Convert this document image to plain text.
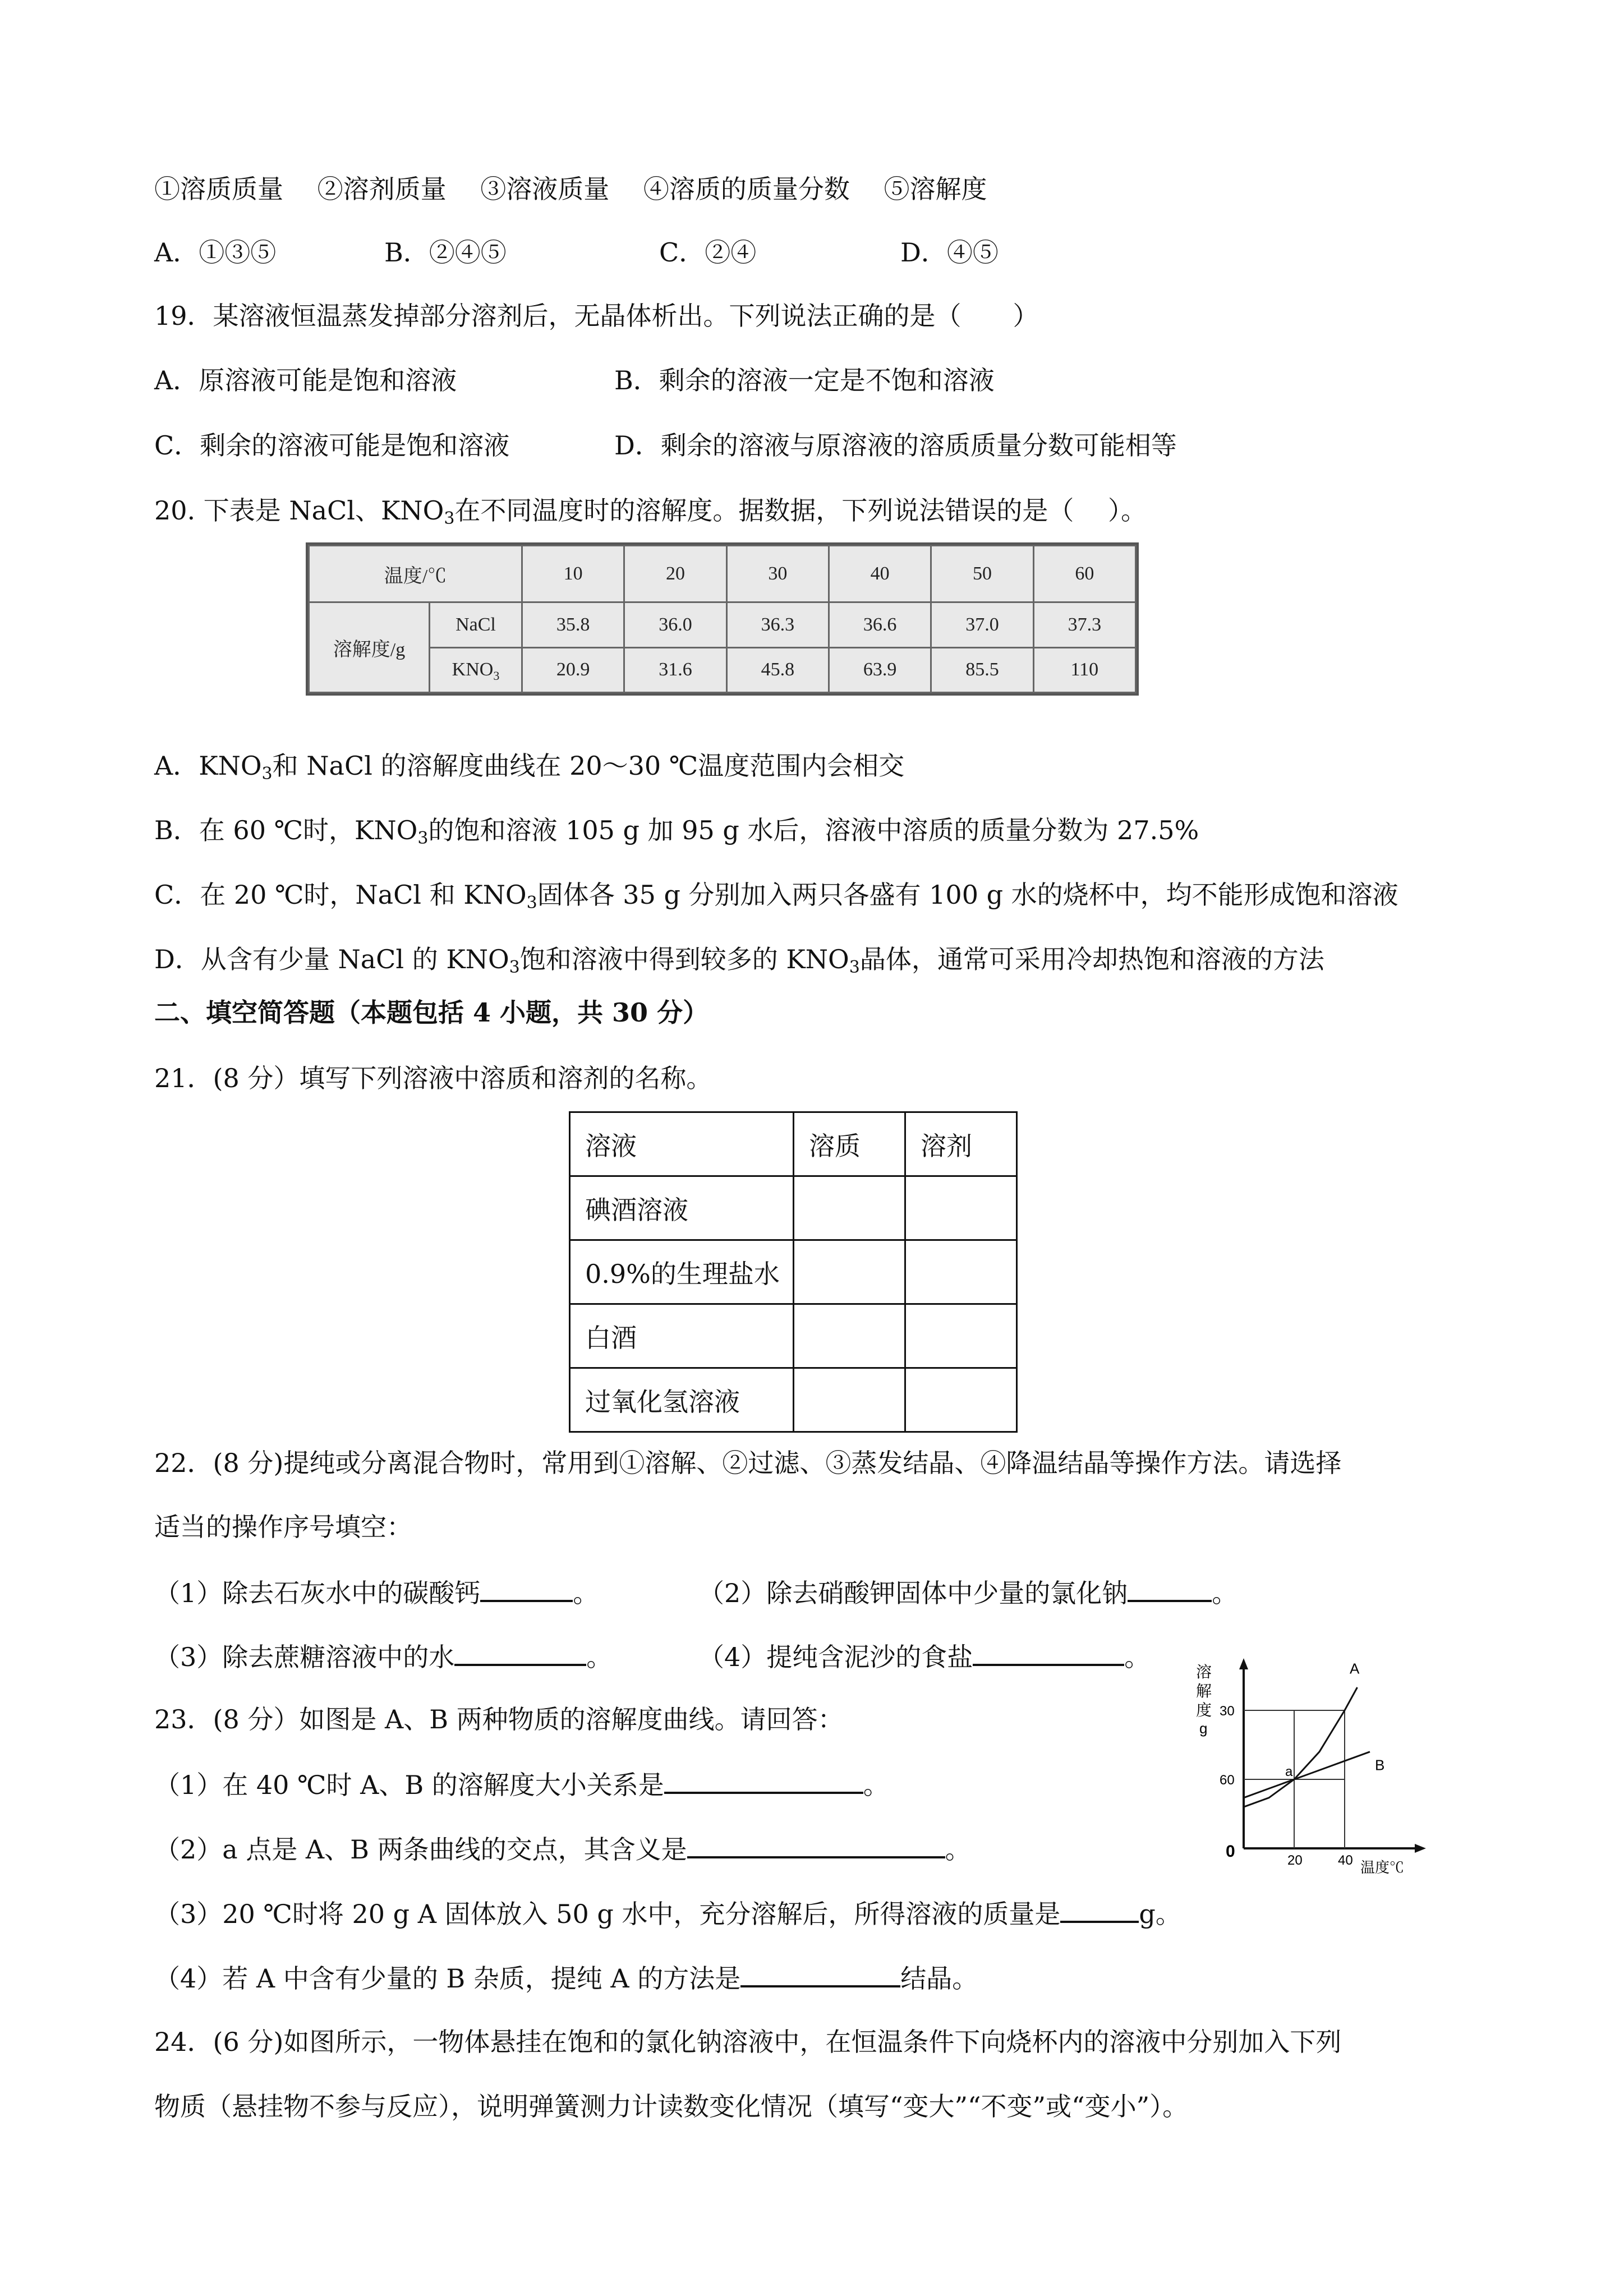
①溶质质量　 ②溶剂质量　 ③溶液质量　 ④溶质的质量分数　 ⑤溶解度
A．①③⑤	B．②④⑤	C．②④	D．④⑤
19．某溶液恒温蒸发掉部分溶剂后，无晶体析出。下列说法正确的是（　　）
A．原溶液可能是饱和溶液	B．剩余的溶液一定是不饱和溶液
C．剩余的溶液可能是饱和溶液	D．剩余的溶液与原溶液的溶质质量分数可能相等
20. 下表是 NaCl、$KNO_3$在不同温度时的溶解度。据数据，下列说法错误的是（　 ）。
温度/℃		10	20	30	40	50	60
溶解度/g	NaCl	35.8	36.0	36.3	36.6	37.0	37.3
	$KNO_3$	20.9	31.6	45.8	63.9	85.5	110
A．$KNO_3$和 NaCl 的溶解度曲线在 20～30 ℃温度范围内会相交
B．在 60 ℃时，$KNO_3$的饱和溶液 105 g 加 95 g 水后，溶液中溶质的质量分数为 27.5%
C．在 20 ℃时，NaCl 和 $KNO_3$固体各 35 g 分别加入两只各盛有 100 g 水的烧杯中，均不能形成饱和溶液
D．从含有少量 NaCl 的 $KNO_3$饱和溶液中得到较多的 $KNO_3$晶体，通常可采用冷却热饱和溶液的方法
二、填空简答题（本题包括 4 小题，共 30 分）
21．(8 分）填写下列溶液中溶质和溶剂的名称。
溶液	溶质	溶剂
碘酒溶液		
0.9%的生理盐水		
白酒		
过氧化氢溶液		
22．(8 分)提纯或分离混合物时，常用到①溶解、②过滤、③蒸发结晶、④降温结晶等操作方法。请选择
适当的操作序号填空：
（1）除去石灰水中的碳酸钙	。	（2）除去硝酸钾固体中少量的氯化钠	。
（3）除去蔗糖溶液中的水	。	（4）提纯含泥沙的食盐	。
23．(8 分）如图是 A、B 两种物质的溶解度曲线。请回答：
（1）在 40 ℃时 A、B 的溶解度大小关系是	。
（2）a 点是 A、B 两条曲线的交点，其含义是	。
（3）20 ℃时将 20 g A 固体放入 50 g 水中，充分溶解后，所得溶液的质量是	g。
（4）若 A 中含有少量的 B 杂质，提纯 A 的方法是	结晶。
溶
解
度
g
0
温度℃
60
30
20	40
A
B
a
24．(6 分)如图所示，一物体悬挂在饱和的氯化钠溶液中，在恒温条件下向烧杯内的溶液中分别加入下列
物质（悬挂物不参与反应），说明弹簧测力计读数变化情况（填写“变大”“不变”或“变小”）。
